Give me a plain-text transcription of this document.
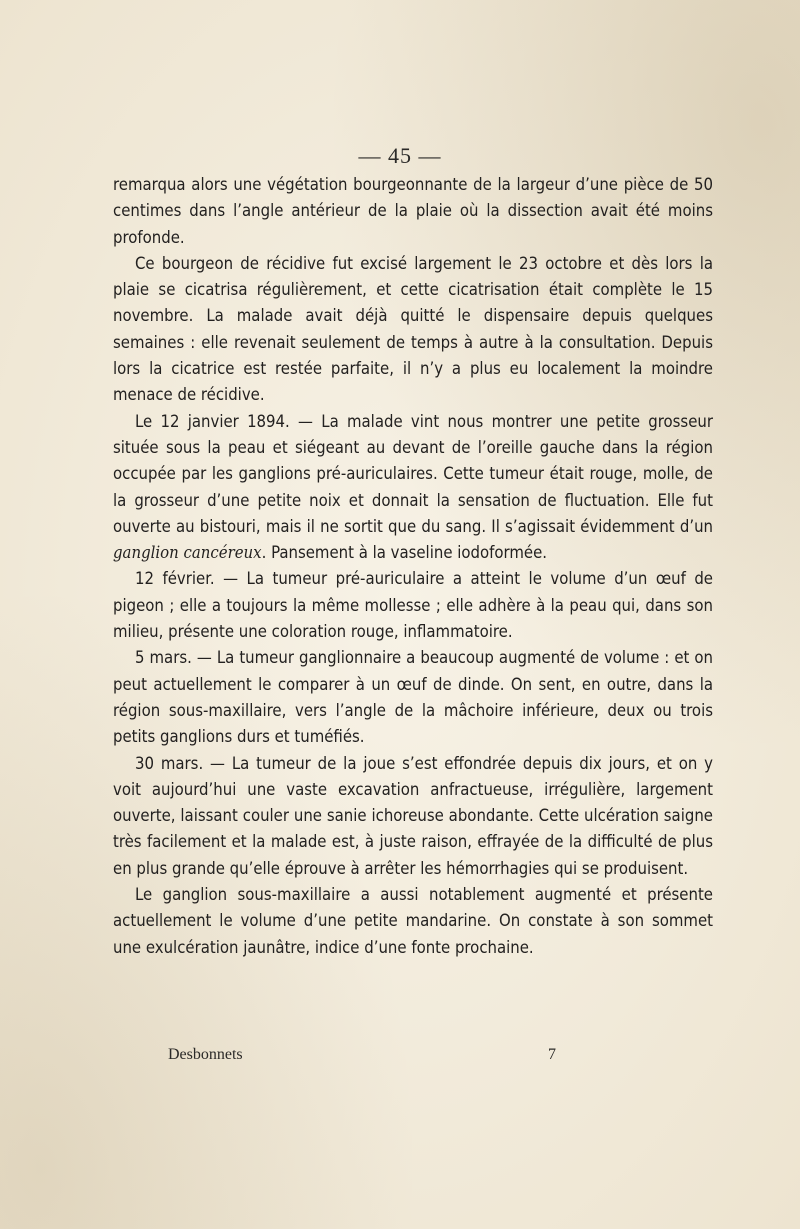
— 45 —

remarqua alors une végétation bourgeonnante de la largeur d’une pièce de 50 centimes dans l’angle antérieur de la plaie où la dissection avait été moins profonde.

Ce bourgeon de récidive fut excisé largement le 23 octobre et dès lors la plaie se cicatrisa régulièrement, et cette cicatrisation était complète le 15 novembre. La malade avait déjà quitté le dispensaire depuis quelques semaines : elle revenait seulement de temps à autre à la consultation. Depuis lors la cicatrice est restée parfaite, il n’y a plus eu localement la moindre menace de récidive.

Le 12 janvier 1894. — La malade vint nous montrer une petite grosseur située sous la peau et siégeant au devant de l’oreille gauche dans la région occupée par les ganglions pré-auriculaires. Cette tumeur était rouge, molle, de la grosseur d’une petite noix et donnait la sensation de fluctuation. Elle fut ouverte au bistouri, mais il ne sortit que du sang. Il s’agissait évidemment d’un ganglion cancéreux. Pansement à la vaseline iodoformée.

12 février. — La tumeur pré-auriculaire a atteint le volume d’un œuf de pigeon ; elle a toujours la même mollesse ; elle adhère à la peau qui, dans son milieu, présente une coloration rouge, inflammatoire.

5 mars. — La tumeur ganglionnaire a beaucoup augmenté de volume : et on peut actuellement le comparer à un œuf de dinde. On sent, en outre, dans la région sous-maxillaire, vers l’angle de la mâchoire inférieure, deux ou trois petits ganglions durs et tuméfiés.

30 mars. — La tumeur de la joue s’est effondrée depuis dix jours, et on y voit aujourd’hui une vaste excavation anfractueuse, irrégulière, largement ouverte, laissant couler une sanie ichoreuse abondante. Cette ulcération saigne très facilement et la malade est, à juste raison, effrayée de la difficulté de plus en plus grande qu’elle éprouve à arrêter les hémorrhagies qui se produisent.

Le ganglion sous-maxillaire a aussi notablement augmenté et présente actuellement le volume d’une petite mandarine. On constate à son sommet une exulcération jaunâtre, indice d’une fonte prochaine.

Desbonnets	7
